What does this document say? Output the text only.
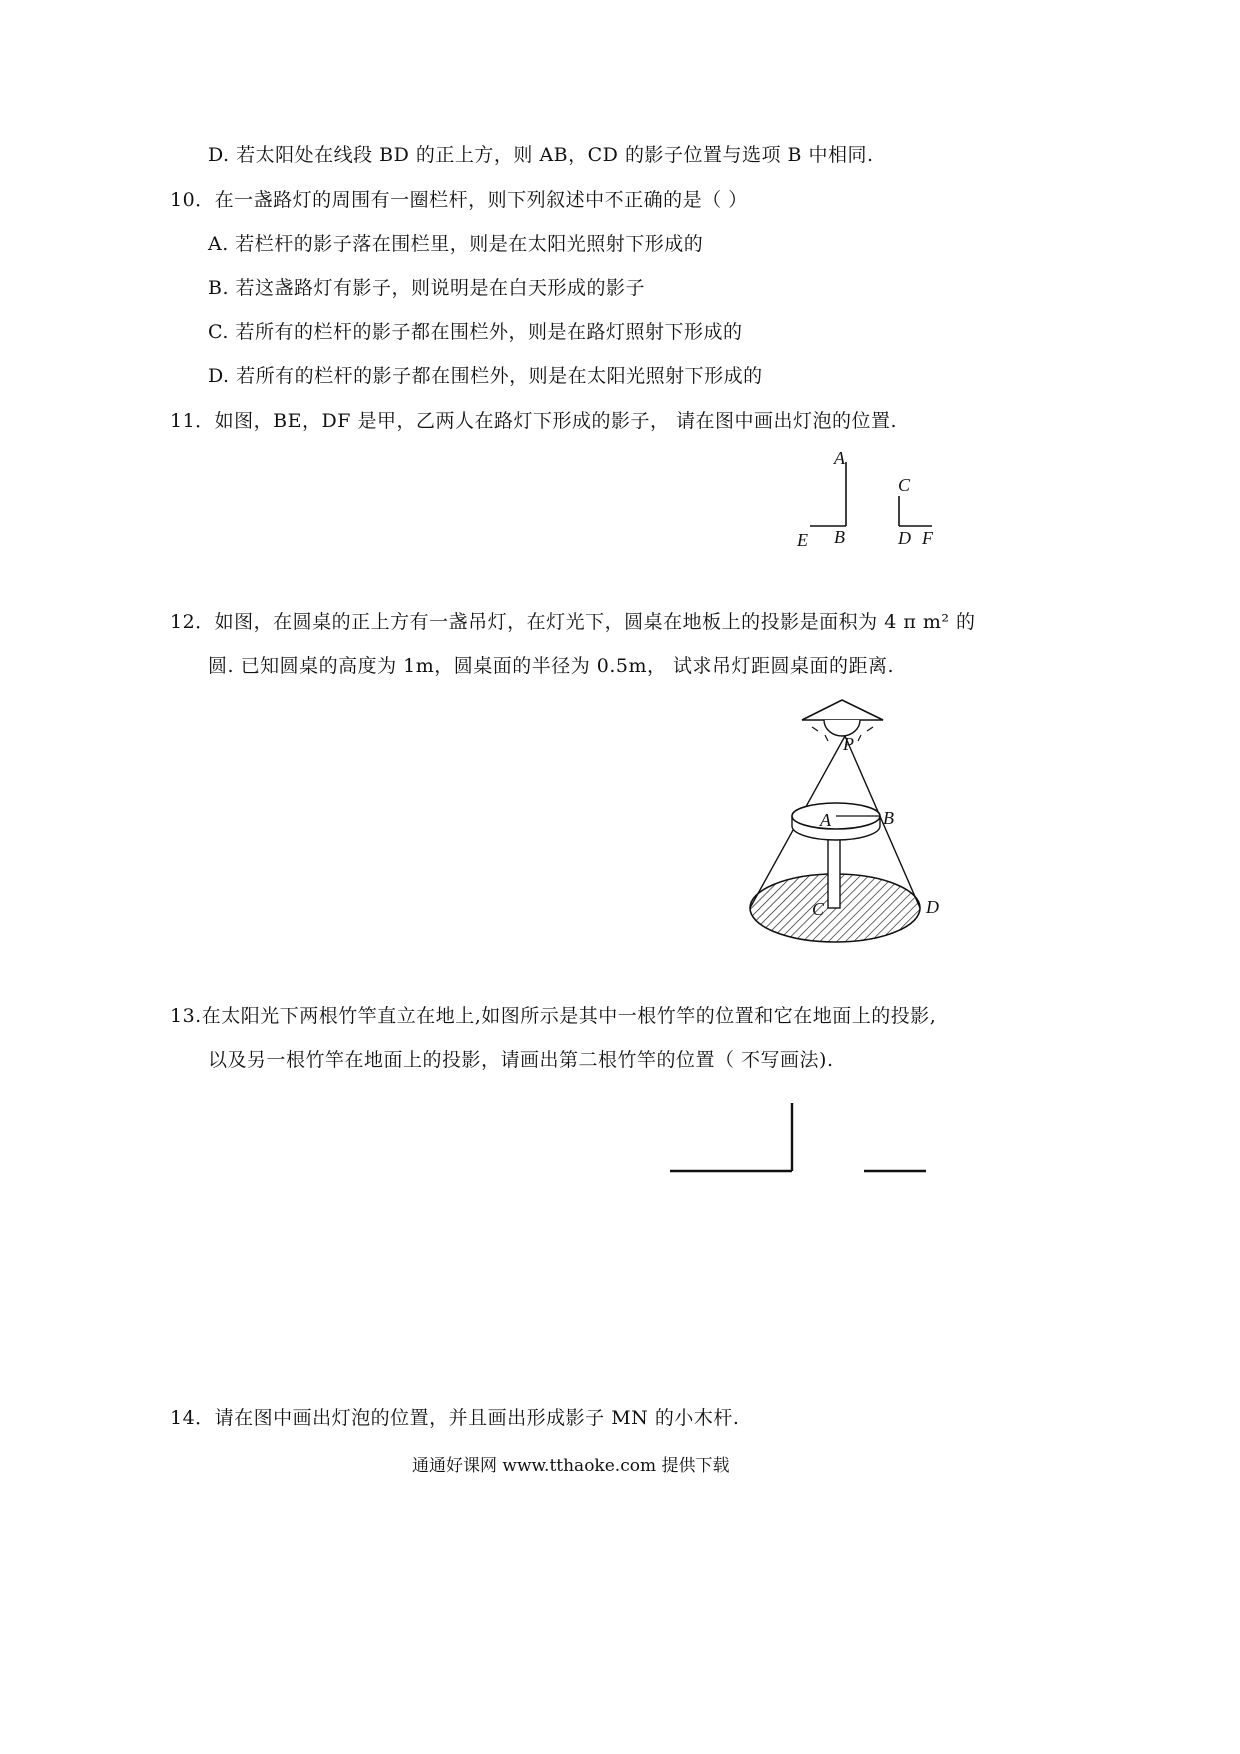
D. 若太阳处在线段 BD 的正上方，则 AB，CD 的影子位置与选项 B 中相同.
10．在一盏路灯的周围有一圈栏杆，则下列叙述中不正确的是（ ）
A. 若栏杆的影子落在围栏里，则是在太阳光照射下形成的
B. 若这盏路灯有影子，则说明是在白天形成的影子
C. 若所有的栏杆的影子都在围栏外，则是在路灯照射下形成的
D. 若所有的栏杆的影子都在围栏外，则是在太阳光照射下形成的
11．如图，BE，DF 是甲，乙两人在路灯下形成的影子， 请在图中画出灯泡的位置.
A
B
E
C
D F
12．如图，在圆桌的正上方有一盏吊灯，在灯光下，圆桌在地板上的投影是面积为 4 π m² 的
圆. 已知圆桌的高度为 1m，圆桌面的半径为 0.5m， 试求吊灯距圆桌面的距离.
P
A	B
C	D
13.在太阳光下两根竹竿直立在地上,如图所示是其中一根竹竿的位置和它在地面上的投影,
以及另一根竹竿在地面上的投影，请画出第二根竹竿的位置（ 不写画法).
14．请在图中画出灯泡的位置，并且画出形成影子 MN 的小木杆.
通通好课网 www.tthaoke.com 提供下载
